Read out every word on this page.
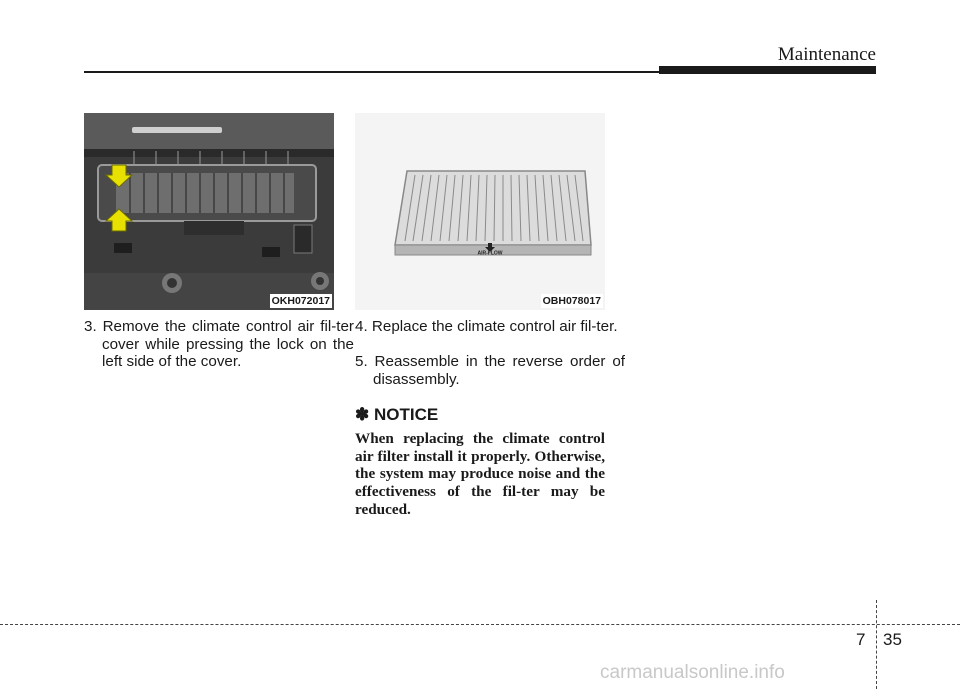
Maintenance
OKH072017
AIR-FLOW
OBH078017
3. Remove the climate control air fil-ter cover while pressing the lock on the left side of the cover.
4. Replace the climate control air fil-ter.
5. Reassemble in the reverse order of disassembly.
✽ NOTICE
When replacing the climate control air filter install it properly. Otherwise, the system may produce noise and the effectiveness of the fil-ter may be reduced.
7 35
carmanualsonline.info
